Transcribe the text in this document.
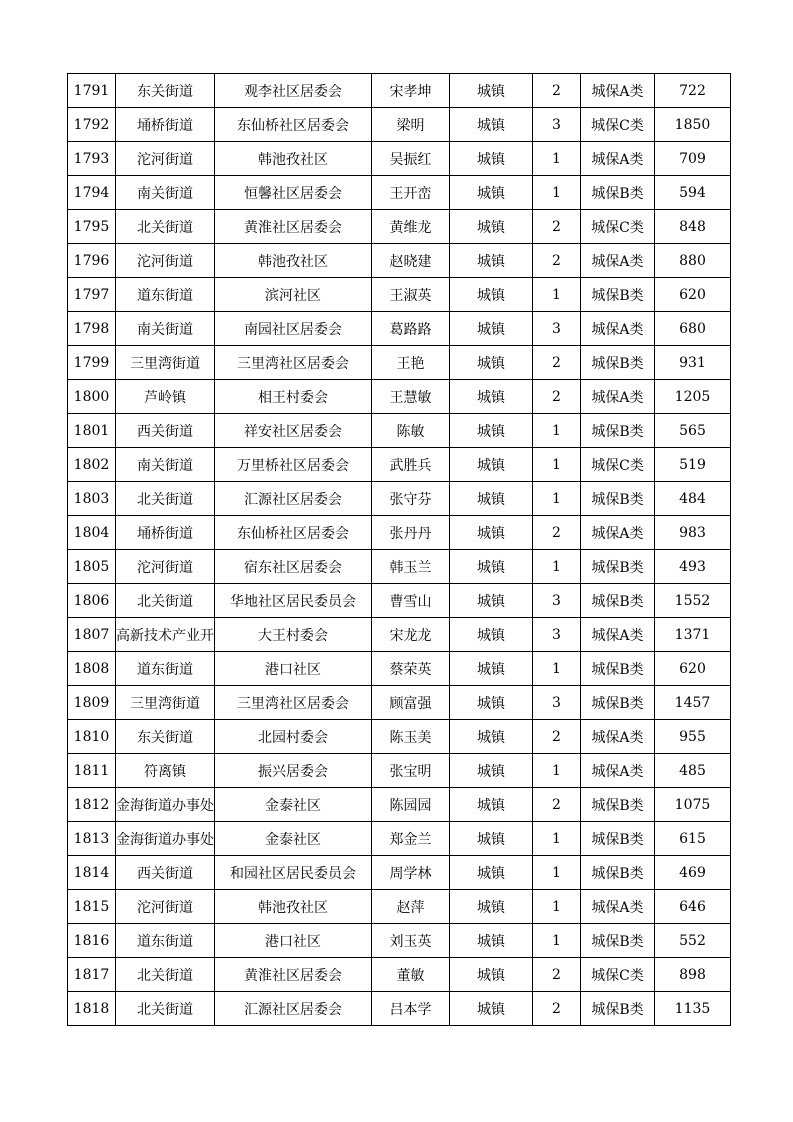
1791	东关街道	观李社区居委会	宋孝坤	城镇	2	城保A类	722
1792	埇桥街道	东仙桥社区居委会	梁明	城镇	3	城保C类	1850
1793	沱河街道	韩池孜社区	吴振红	城镇	1	城保A类	709
1794	南关街道	恒馨社区居委会	王开峦	城镇	1	城保B类	594
1795	北关街道	黄淮社区居委会	黄维龙	城镇	2	城保C类	848
1796	沱河街道	韩池孜社区	赵晓建	城镇	2	城保A类	880
1797	道东街道	滨河社区	王淑英	城镇	1	城保B类	620
1798	南关街道	南园社区居委会	葛路路	城镇	3	城保A类	680
1799	三里湾街道	三里湾社区居委会	王艳	城镇	2	城保B类	931
1800	芦岭镇	相王村委会	王慧敏	城镇	2	城保A类	1205
1801	西关街道	祥安社区居委会	陈敏	城镇	1	城保B类	565
1802	南关街道	万里桥社区居委会	武胜兵	城镇	1	城保C类	519
1803	北关街道	汇源社区居委会	张守芬	城镇	1	城保B类	484
1804	埇桥街道	东仙桥社区居委会	张丹丹	城镇	2	城保A类	983
1805	沱河街道	宿东社区居委会	韩玉兰	城镇	1	城保B类	493
1806	北关街道	华地社区居民委员会	曹雪山	城镇	3	城保B类	1552
1807	高新技术产业开	大王村委会	宋龙龙	城镇	3	城保A类	1371
1808	道东街道	港口社区	蔡荣英	城镇	1	城保B类	620
1809	三里湾街道	三里湾社区居委会	顾富强	城镇	3	城保B类	1457
1810	东关街道	北园村委会	陈玉美	城镇	2	城保A类	955
1811	符离镇	振兴居委会	张宝明	城镇	1	城保A类	485
1812	金海街道办事处	金泰社区	陈园园	城镇	2	城保B类	1075
1813	金海街道办事处	金泰社区	郑金兰	城镇	1	城保B类	615
1814	西关街道	和园社区居民委员会	周学林	城镇	1	城保B类	469
1815	沱河街道	韩池孜社区	赵萍	城镇	1	城保A类	646
1816	道东街道	港口社区	刘玉英	城镇	1	城保B类	552
1817	北关街道	黄淮社区居委会	董敏	城镇	2	城保C类	898
1818	北关街道	汇源社区居委会	吕本学	城镇	2	城保B类	1135
